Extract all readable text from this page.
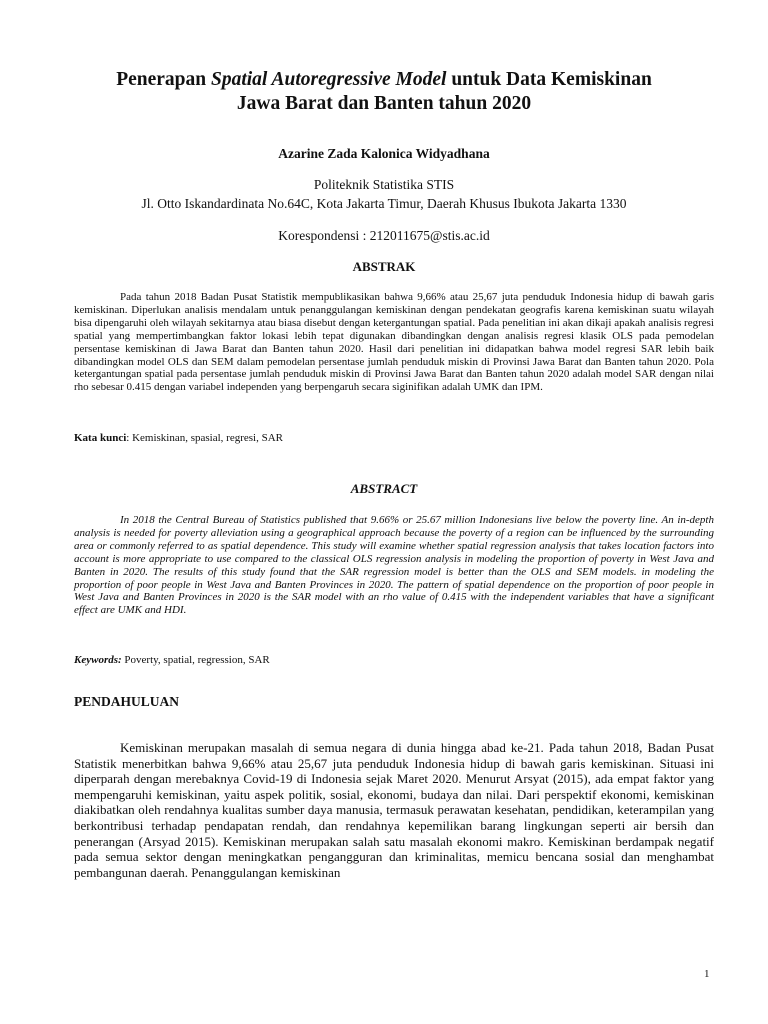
Penerapan Spatial Autoregressive Model untuk Data Kemiskinan
Jawa Barat dan Banten tahun 2020
Azarine Zada Kalonica Widyadhana
Politeknik Statistika STIS
Jl. Otto Iskandardinata No.64C, Kota Jakarta Timur, Daerah Khusus Ibukota Jakarta 1330
Korespondensi : 212011675@stis.ac.id
ABSTRAK
Pada tahun 2018 Badan Pusat Statistik mempublikasikan bahwa 9,66% atau 25,67 juta penduduk Indonesia hidup di bawah garis kemiskinan. Diperlukan analisis mendalam untuk penanggulangan kemiskinan dengan pendekatan geografis karena kemiskinan suatu wilayah bisa dipengaruhi oleh wilayah sekitarnya atau biasa disebut dengan ketergantungan spatial. Pada penelitian ini akan dikaji apakah analisis regresi spatial yang mempertimbangkan faktor lokasi lebih tepat digunakan dibandingkan dengan analisis regresi klasik OLS pada pemodelan persentase kemiskinan di Jawa Barat dan Banten tahun 2020. Hasil dari penelitian ini didapatkan bahwa model regresi SAR lebih baik dibandingkan model OLS dan SEM dalam pemodelan persentase jumlah penduduk miskin di Provinsi Jawa Barat dan Banten tahun 2020. Pola ketergantungan spatial pada persentase jumlah penduduk miskin di Provinsi Jawa Barat dan Banten tahun 2020 adalah model SAR dengan nilai rho sebesar 0.415 dengan variabel independen yang berpengaruh secara siginifikan adalah UMK dan IPM.
Kata kunci: Kemiskinan, spasial, regresi, SAR
ABSTRACT
In 2018 the Central Bureau of Statistics published that 9.66% or 25.67 million Indonesians live below the poverty line. An in-depth analysis is needed for poverty alleviation using a geographical approach because the poverty of a region can be influenced by the surrounding area or commonly referred to as spatial dependence. This study will examine whether spatial regression analysis that takes location factors into account is more appropriate to use compared to the classical OLS regression analysis in modeling the proportion of poverty in West Java and Banten in 2020. The results of this study found that the SAR regression model is better than the OLS and SEM models. in modeling the proportion of poor people in West Java and Banten Provinces in 2020. The pattern of spatial dependence on the proportion of poor people in West Java and Banten Provinces in 2020 is the SAR model with an rho value of 0.415 with the independent variables that have a significant effect are UMK and HDI.
Keywords: Poverty, spatial, regression, SAR
PENDAHULUAN
Kemiskinan merupakan masalah di semua negara di dunia hingga abad ke-21. Pada tahun 2018, Badan Pusat Statistik menerbitkan bahwa 9,66% atau 25,67 juta penduduk Indonesia hidup di bawah garis kemiskinan. Situasi ini diperparah dengan merebaknya Covid-19 di Indonesia sejak Maret 2020. Menurut Arsyat (2015), ada empat faktor yang mempengaruhi kemiskinan, yaitu aspek politik, sosial, ekonomi, budaya dan nilai. Dari perspektif ekonomi, kemiskinan diakibatkan oleh rendahnya kualitas sumber daya manusia, termasuk perawatan kesehatan, pendidikan, keterampilan yang berkontribusi terhadap pendapatan rendah, dan rendahnya kepemilikan barang lingkungan seperti air bersih dan penerangan (Arsyad 2015). Kemiskinan merupakan salah satu masalah ekonomi makro. Kemiskinan berdampak negatif pada semua sektor dengan meningkatkan pengangguran dan kriminalitas, memicu bencana sosial dan menghambat pembangunan daerah. Penanggulangan kemiskinan
1
